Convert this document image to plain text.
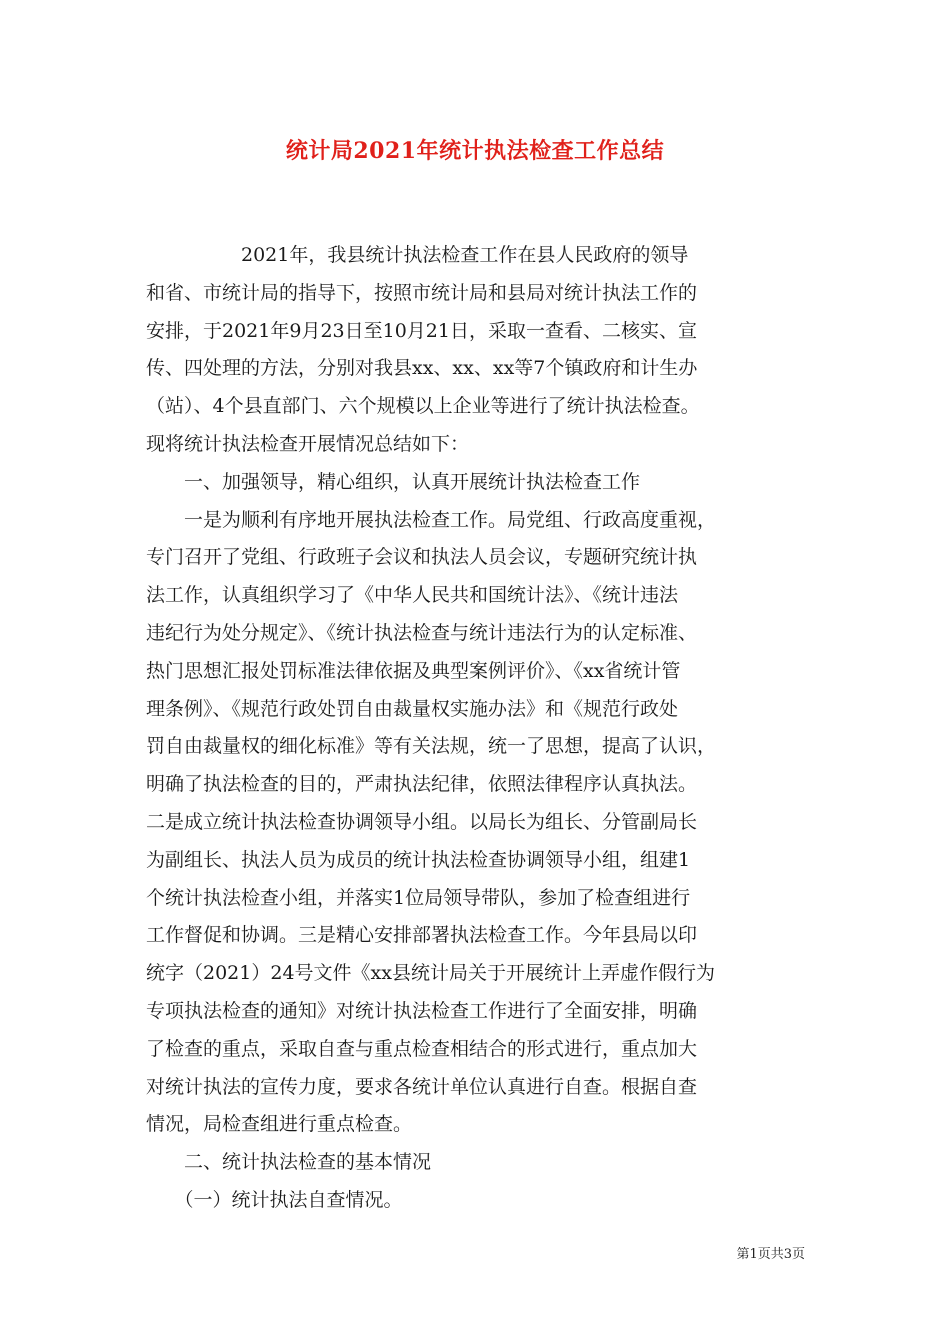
统计局2021年统计执法检查工作总结
　　　　　2021年，我县统计执法检查工作在县人民政府的领导
和省、市统计局的指导下，按照市统计局和县局对统计执法工作的
安排，于2021年9月23日至10月21日，采取一查看、二核实、宣
传、四处理的方法，分别对我县xx、xx、xx等7个镇政府和计生办
（站）、4个县直部门、六个规模以上企业等进行了统计执法检查。
现将统计执法检查开展情况总结如下：
　　一、加强领导，精心组织，认真开展统计执法检查工作
　　一是为顺利有序地开展执法检查工作。局党组、行政高度重视，
专门召开了党组、行政班子会议和执法人员会议，专题研究统计执
法工作，认真组织学习了《中华人民共和国统计法》、《统计违法
违纪行为处分规定》、《统计执法检查与统计违法行为的认定标准、
热门思想汇报处罚标准法律依据及典型案例评价》、《xx省统计管
理条例》、《规范行政处罚自由裁量权实施办法》和《规范行政处
罚自由裁量权的细化标准》等有关法规，统一了思想，提高了认识，
明确了执法检查的目的，严肃执法纪律，依照法律程序认真执法。
二是成立统计执法检查协调领导小组。以局长为组长、分管副局长
为副组长、执法人员为成员的统计执法检查协调领导小组，组建1
个统计执法检查小组，并落实1位局领导带队，参加了检查组进行
工作督促和协调。三是精心安排部署执法检查工作。今年县局以印
统字（2021）24号文件《xx县统计局关于开展统计上弄虚作假行为
专项执法检查的通知》对统计执法检查工作进行了全面安排，明确
了检查的重点，采取自查与重点检查相结合的形式进行，重点加大
对统计执法的宣传力度，要求各统计单位认真进行自查。根据自查
情况，局检查组进行重点检查。
　　二、统计执法检查的基本情况
　　（一）统计执法自查情况。
第1页共3页
